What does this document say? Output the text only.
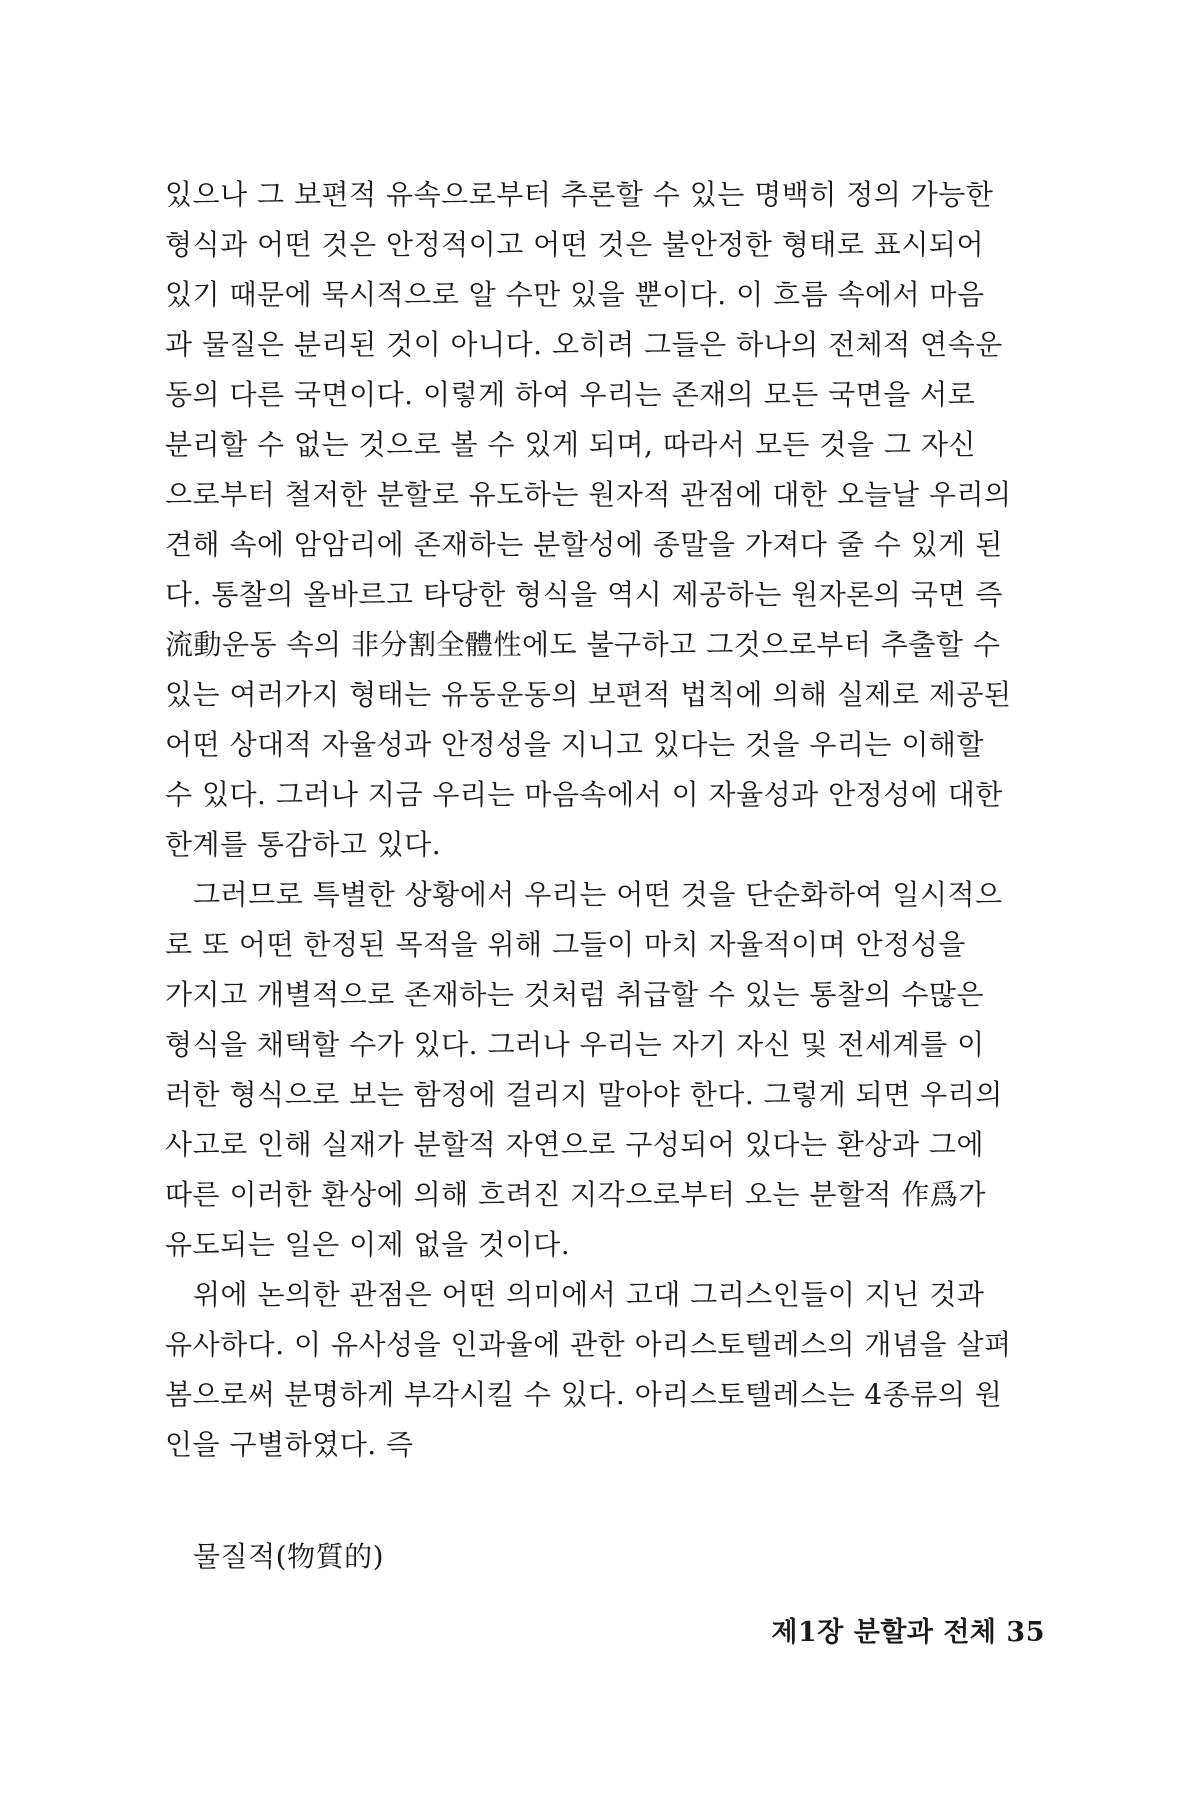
있으나 그 보편적 유속으로부터 추론할 수 있는 명백히 정의 가능한
형식과 어떤 것은 안정적이고 어떤 것은 불안정한 형태로 표시되어
있기 때문에 묵시적으로 알 수만 있을 뿐이다. 이 흐름 속에서 마음
과 물질은 분리된 것이 아니다. 오히려 그들은 하나의 전체적 연속운
동의 다른 국면이다. 이렇게 하여 우리는 존재의 모든 국면을 서로
분리할 수 없는 것으로 볼 수 있게 되며, 따라서 모든 것을 그 자신
으로부터 철저한 분할로 유도하는 원자적 관점에 대한 오늘날 우리의
견해 속에 암암리에 존재하는 분할성에 종말을 가져다 줄 수 있게 된
다. 통찰의 올바르고 타당한 형식을 역시 제공하는 원자론의 국면 즉
流動운동 속의 非分割全體性에도 불구하고 그것으로부터 추출할 수
있는 여러가지 형태는 유동운동의 보편적 법칙에 의해 실제로 제공된
어떤 상대적 자율성과 안정성을 지니고 있다는 것을 우리는 이해할
수 있다. 그러나 지금 우리는 마음속에서 이 자율성과 안정성에 대한
한계를 통감하고 있다.
그러므로 특별한 상황에서 우리는 어떤 것을 단순화하여 일시적으
로 또 어떤 한정된 목적을 위해 그들이 마치 자율적이며 안정성을
가지고 개별적으로 존재하는 것처럼 취급할 수 있는 통찰의 수많은
형식을 채택할 수가 있다. 그러나 우리는 자기 자신 및 전세계를 이
러한 형식으로 보는 함정에 걸리지 말아야 한다. 그렇게 되면 우리의
사고로 인해 실재가 분할적 자연으로 구성되어 있다는 환상과 그에
따른 이러한 환상에 의해 흐려진 지각으로부터 오는 분할적 作爲가
유도되는 일은 이제 없을 것이다.
위에 논의한 관점은 어떤 의미에서 고대 그리스인들이 지닌 것과
유사하다. 이 유사성을 인과율에 관한 아리스토텔레스의 개념을 살펴
봄으로써 분명하게 부각시킬 수 있다. 아리스토텔레스는 4종류의 원
인을 구별하였다. 즉
물질적(物質的)
제1장 분할과 전체 35
